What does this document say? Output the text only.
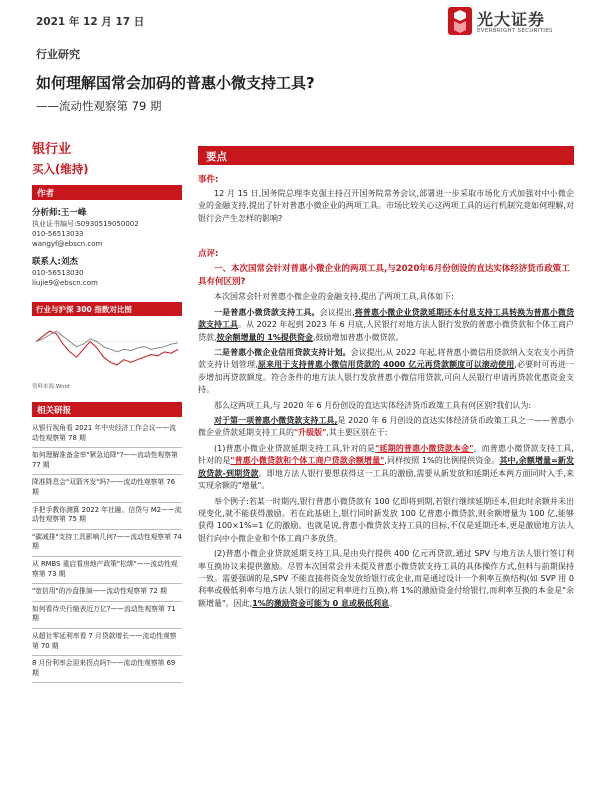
2021 年 12 月 17 日	光大证券
EVERBRIGHT SECURITIES
行业研究
如何理解国常会加码的普惠小微支持工具?
——流动性观察第 79 期
银行业
买入(维持)
作者
分析师:王一峰
执业证书编号:S0930519050002
010-56513033
wangyf@ebscn.com
联系人:刘杰
010-56513030
liujie9@ebscn.com
行业与沪深 300 指数对比图
资料来源:Wind
相关研报
从银行视角看 2021 年中央经济工作会议——流动性观察第 78 期
如何理解准备金率"紧急迫降"?——流动性观察第 77 期
降准降息会"双箭齐发"吗?——流动性观察第 76 期
手把手教你测算 2022 年社融、信贷与 M2——流动性观察第 75 期
"碳减排"支持工具影响几何?——流动性观察第 74 期
从 RMBS 重启看房地产政策"松绑"——流动性观察第 73 期
"宽信用"的沙盘推演——流动性观察第 72 期
如何看待央行缩表近万亿?——流动性观察第 71 期
从超社零延利率看 7 月贷款增长——流动性观察第 70 期
8 月份利率会迎来拐点吗?——流动性观察第 69 期
要点
事件:

12 月 15 日,国务院总理李克强主持召开国务院常务会议,部署进一步采取市场化方式加强对中小微企业的金融支持,提出了针对普惠小微企业的两项工具。市场比较关心这两项工具的运行机制究竟如何理解,对银行会产生怎样的影响?

点评:
一、本次国常会针对普惠小微企业的两项工具,与2020年6月份创设的直达实体经济货币政策工具有何区别?

本次国常会针对普惠小微企业的金融支持,提出了两项工具,具体如下:

一是普惠小微贷款支持工具。会议提出,将普惠小微企业贷款延期还本付息支持工具转换为普惠小微贷款支持工具。从 2022 年起到 2023 年 6 月底,人民银行对地方法人银行发放的普惠小微贷款和个体工商户贷款,按余额增量的 1%提供资金,鼓励增加普惠小微贷款。

二是普惠小微企业信用贷款支持计划。会议提出,从 2022 年起,将普惠小微信用贷款纳入支农支小再贷款支持计划管理,原来用于支持普惠小微信用贷款的 4000 亿元再贷款额度可以滚动使用,必要时可再进一步增加再贷款额度。符合条件的地方法人银行发放普惠小微信用贷款,可向人民银行申请再贷款优惠资金支持。

那么这两项工具,与 2020 年 6 月份创设的直达实体经济货币政策工具有何区别?我们认为:

对于第一项普惠小微贷款支持工具,是 2020 年 6 月创设的直达实体经济货币政策工具之一——普惠小微企业贷款延期支持工具的"升级版",其主要区别在于:

(1)普惠小微企业贷款延期支持工具,针对的是"延期的普惠小微贷款本金"。而普惠小微贷款支持工具,针对的是"普惠小微贷款和个体工商户贷款余额增量",同样按照 1%的比例提供资金。其中,余额增量=新发放贷款-到期贷款。即地方法人银行要想获得这一工具的激励,需要从新发放和延期还本两方面同时入手,来实现余额的"增量"。

举个例子:若某一时期内,银行普惠小微贷款有 100 亿即将到期,若银行继续延期还本,但此时余额并未出现变化,就不能获得激励。若在此基础上,银行同时新发放 100 亿普惠小微贷款,则余额增量为 100 亿,能够获得 100×1%=1 亿的激励。也就是说,普惠小微贷款支持工具的目标,不仅是延期还本,更是激励地方法人银行向中小微企业和个体工商户多放贷。

(2)普惠小微企业贷款延期支持工具,是由央行提供 400 亿元再贷款,通过 SPV 与地方法人银行签订利率互换协议来提供激励。尽管本次国常会并未提及普惠小微贷款支持工具的具体操作方式,但料与前期保持一致。需要强调的是,SPV 不能直接将资金发放给银行或企业,而是通过设计一个利率互换结构(如 SVP 用 0 利率或极低利率与地方法人银行的固定利率进行互换),将 1%的激励资金付给银行,而利率互换的本金是"余额增量"。因此,1%的激励资金可能为 0 息或极低利息。
